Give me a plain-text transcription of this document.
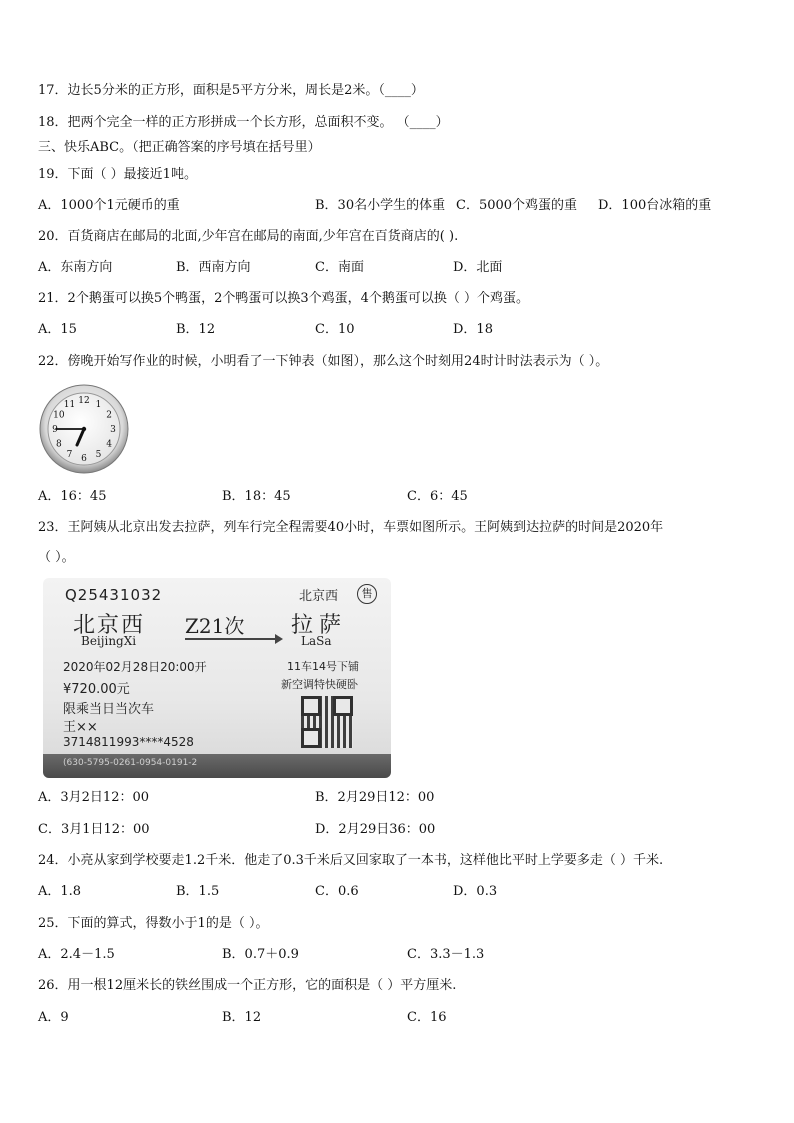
17．边长5分米的正方形，面积是5平方分米，周长是2米。（____）
18．把两个完全一样的正方形拼成一个长方形，总面积不变。 （____）
三、快乐ABC。（把正确答案的序号填在括号里）
19．下面（ ）最接近1吨。
A．1000个1元硬币的重	B．30名小学生的体重 C．5000个鸡蛋的重 D．100台冰箱的重
20．百货商店在邮局的北面,少年宫在邮局的南面,少年宫在百货商店的( ).
A．东南方向	B．西南方向	C．南面	D．北面
21．2个鹅蛋可以换5个鸭蛋，2个鸭蛋可以换3个鸡蛋，4个鹅蛋可以换（ ）个鸡蛋。
A．15	B．12	C．10	D．18
22．傍晚开始写作业的时候，小明看了一下钟表（如图），那么这个时刻用24时计时法表示为（ ）。
12 1
2
3
4
5
6
7
8
9
10
11
A．16：45	B．18：45	C．6：45
23．王阿姨从北京出发去拉萨，列车行完全程需要40小时，车票如图所示。王阿姨到达拉萨的时间是2020年
（ ）。
Q25431032	北京西	售
北京西
BeijingXi
Z21次 拉萨
LaSa
2020年02月28日20:00开	11车14号下铺
¥720.00元	新空调特快硬卧
限乘当日当次车
王××
3714811993****4528
(630-5795-0261-0954-0191-2
A．3月2日12：00	B．2月29日12：00
C．3月1日12：00	D．2月29日36：00
24．小亮从家到学校要走1.2千米．他走了0.3千米后又回家取了一本书，这样他比平时上学要多走（ ）千米.
A．1.8	B．1.5	C．0.6	D．0.3
25．下面的算式，得数小于1的是（ ）。
A．2.4－1.5	B．0.7＋0.9	C．3.3－1.3
26．用一根12厘米长的铁丝围成一个正方形，它的面积是（ ）平方厘米.
A．9	B．12	C．16
